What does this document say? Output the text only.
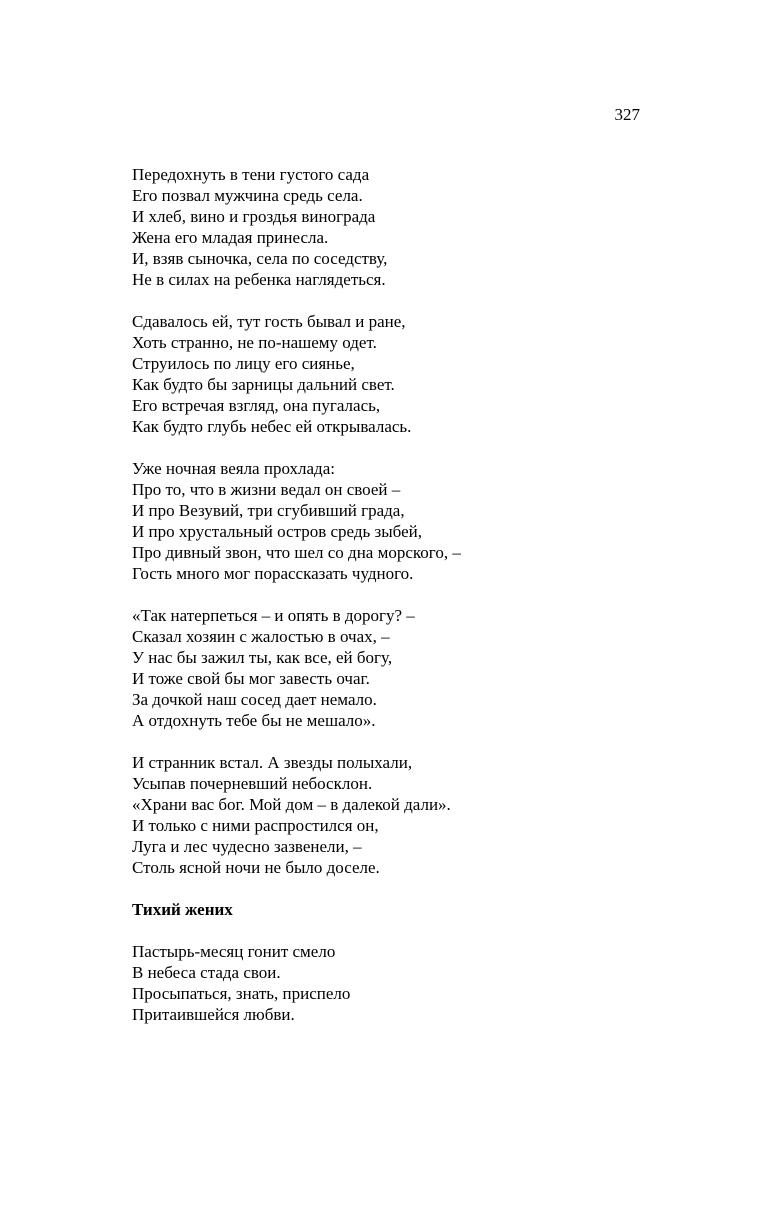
327
Передохнуть в тени густого сада
Его позвал мужчина средь села.
И хлеб, вино и гроздья винограда
Жена его младая принесла.
И, взяв сыночка, села по соседству,
Не в силах на ребенка наглядеться.
Сдавалось ей, тут гость бывал и ране,
Хоть странно, не по-нашему одет.
Струилось по лицу его сиянье,
Как будто бы зарницы дальний свет.
Его встречая взгляд, она пугалась,
Как будто глубь небес ей открывалась.
Уже ночная веяла прохлада:
Про то, что в жизни ведал он своей –
И про Везувий, три сгубивший града,
И про хрустальный остров средь зыбей,
Про дивный звон, что шел со дна морского, –
Гость много мог порассказать чудного.
«Так натерпеться – и опять в дорогу? –
Сказал хозяин с жалостью в очах, –
У нас бы зажил ты, как все, ей богу,
И тоже свой бы мог завесть очаг.
За дочкой наш сосед дает немало.
А отдохнуть тебе бы не мешало».
И странник встал. А звезды полыхали,
Усыпав почерневший небосклон.
«Храни вас бог. Мой дом – в далекой дали».
И только с ними распростился он,
Луга и лес чудесно зазвенели, –
Столь ясной ночи не было доселе.
Тихий жених
Пастырь-месяц гонит смело
В небеса стада свои.
Просыпаться, знать, приспело
Притаившейся любви.
